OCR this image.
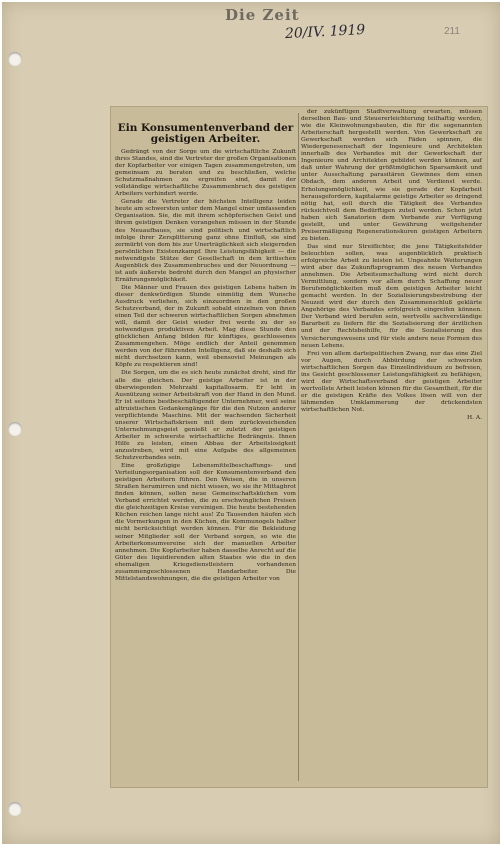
Die Zeit
20/IV. 1919	211
Ein Konsumentenverband der geistigen Arbeiter.

Gedrängt von der Sorge um die wirtschaftliche Zukunft ihres Standes, sind die Vertreter der großen Organisationen der Kopfarbeiter vor einigen Tagen zusammengetreten, um gemeinsam zu beraten und zu beschließen, welche Schutzmaßnahmen zu ergreifen sind, damit der vollständige wirtschaftliche Zusammenbruch des geistigen Arbeiters verhindert werde.

Gerade die Vertreter der höchsten Intelligenz leiden heute am schwersten unter dem Mangel einer umfassenden Organisation. Sie, die mit ihrem schöpferischen Geist und ihrem geistigen Denken vorangehen müssen in der Stunde des Neuaufbaues, sie sind politisch und wirtschaftlich infolge ihrer Zersplitterung ganz ohne Einfluß, sie sind zermürbt von dem bis zur Unerträglichkeit sich steigernden persönlichen Existenzkampf. Ihre Leistungsfähigkeit — die notwendigste Stütze der Gesellschaft in dem kritischen Augenblick des Zusammenbruches und der Neuordnung — ist aufs äußerste bedroht durch den Mangel an physischer Ernährungsmöglichkeit.

Die Männer und Frauen des geistigen Lebens haben in dieser denkwürdigen Stunde einmütig dem Wunsche Ausdruck verliehen, sich einzuordnen in den großen Schutzverband, der in Zukunft sobald einzelnen von ihnen einen Teil der schweren wirtschaftlichen Sorgen abnehmen will, damit der Geist wieder frei werde zu der so notwendigen produktiven Arbeit. Mag diese Stunde den glücklichen Anfang bilden für künftiges, geschlossenes Zusammengehen. Möge endlich der Anteil genommen werden von der führenden Intelligenz, daß sie deshalb sich nicht durchsetzen kann, weil ebensoviel Meinungen als Köpfe zu respektieren sind!

Die Sorgen, um die es sich heute zunächst dreht, sind für alle die gleichen. Der geistige Arbeiter ist in der überwiegenden Mehrzahl kapitallosarm. Er lebt in Ausnützung seiner Arbeitskraft von der Hand in den Mund. Er ist seitens bestbeschäftigender Unternehmer, weil seine altruistischen Gedankengänge für die den Nutzen anderer verpflichtende Maschine. Mit der wachsenden Sicherheit unserer Wirtschaftskrisen mit dem zurückweichenden Unternehmungsgeist genießt er zuletzt der geistigen Arbeiter in schwerste wirtschaftliche Bedrängnis. Ihnen Hilfe zu leisten, einen Abbau der Arbeitslosigkeit anzustreben, wird mit eine Aufgabe des allgemeinen Schutzverbandes sein.

Eine großzügige Lebensmittelbeschaffungs- und Verteilungsorganisation soll der Konsumentenverband den geistigen Arbeitern führen. Den Weisen, die in unseren Straßen herumirren und nicht wissen, wo sie ihr Mittagbrot finden können, sollen neue Gemeinschaftsküchen vom Verband errichtet werden, die zu erschwinglichen Preisen die gleichzeitigen Kreise vereinigen. Die heute bestehenden Küchen reichen lange nicht aus! Zu Tausenden häufen sich die Vormerkungen in den Küchen, die Kommunogels halber nicht berücksichtigt werden können. Für die Bekleidung seiner Mitglieder soll der Verband sorgen, so wie die Arbeiterkonsumvereine sich der manuellen Arbeiter annehmen. Die Kopfarbeiter haben dasselbe Anrecht auf die Güter des liquidierenden alten Staates wie die in den ehemaligen Kriegsdienstleistern vorhandenen zusammengeschlossenen Handarbeiter. Die Mittelstandswohnungen, die die geistigen Arbeiter von

der zukünftigen Stadtverwaltung erwarten, müssen derselben Bau- und Steuererleichterung teilhaftig werden, wie die Kleinwohnungsbauten, die für die sogenannten Arbeiterschaft hergestellt werden. Von Gewerkschaft zu Gewerkschaft werden sich Fäden spinnen, die Wiedergenesenschaft der Ingenieure und Architekten innerhalb des Verbandes mit der Gewerkschaft der Ingenieure und Architekten gebildet werden können, auf daß unter Wahrung der größtmöglichen Sparsamkeit und unter Ausschaltung parasitären Gewinnes dem einen Obdach, dem anderen Arbeit und Verdienst werde. Erholungsmöglichkeit, wie sie gerade der Kopfarbeit herausgefordern, kapitalarme geistige Arbeiter so dringend nötig hat, soll durch die Tätigkeit des Verbandes rücksichtvoll dem Bedürftigen zuteil werden. Schon jetzt haben sich Sanatorien dem Verbande zur Verfügung gestellt, und unter Gewährung weitgehender Preisermäßigung Regenerationskuren geistigen Arbeitern zu bieten.

Das sind nur Streiflichter, die jene Tätigkeitsfelder beleuchten sollen, was augenblicklich praktisch erfolgreiche Arbeit zu leisten ist. Ungeahnte Weiterungen wird aber das Zukunftsprogramm des neuen Verbandes annehmen. Die Arbeitsumschaltung wird nicht durch Vermittlung, sondern vor allem durch Schaffung neuer Berufsmöglichkeiten muß dem geistigen Arbeiter leicht gemacht werden. In der Sozialisierungsbestrebung der Neuzeit wird der durch den Zusammenschluß geklärte Angehörige des Verbandes erfolgreich eingreifen können. Der Verband wird berufen sein, wertvolle sachverständige Bararbeit zu liefern für die Sozialisierung der ärztlichen und der Rechtsbeihilfe, für die Sozialisierung des Versicherungswesens und für viele andere neue Formen des neuen Lebens.

Frei von allem darteipolitischen Zwang, nur das eine Ziel vor Augen, durch Abbürdung der schwersten wirtschaftlichen Sorgen das Einzelindividuum zu befreien, ins Gesicht geschlossener Leistungsfähigkeit zu befähigen, wird der Wirtschaftsverband der geistigen Arbeiter wertvollste Arbeit leisten können für die Gesamtheit, für die er die geistigen Kräfte des Volkes lösen will von der lähmenden Umklammerung der drückendsten wirtschaftlichen Not.

H. A.
